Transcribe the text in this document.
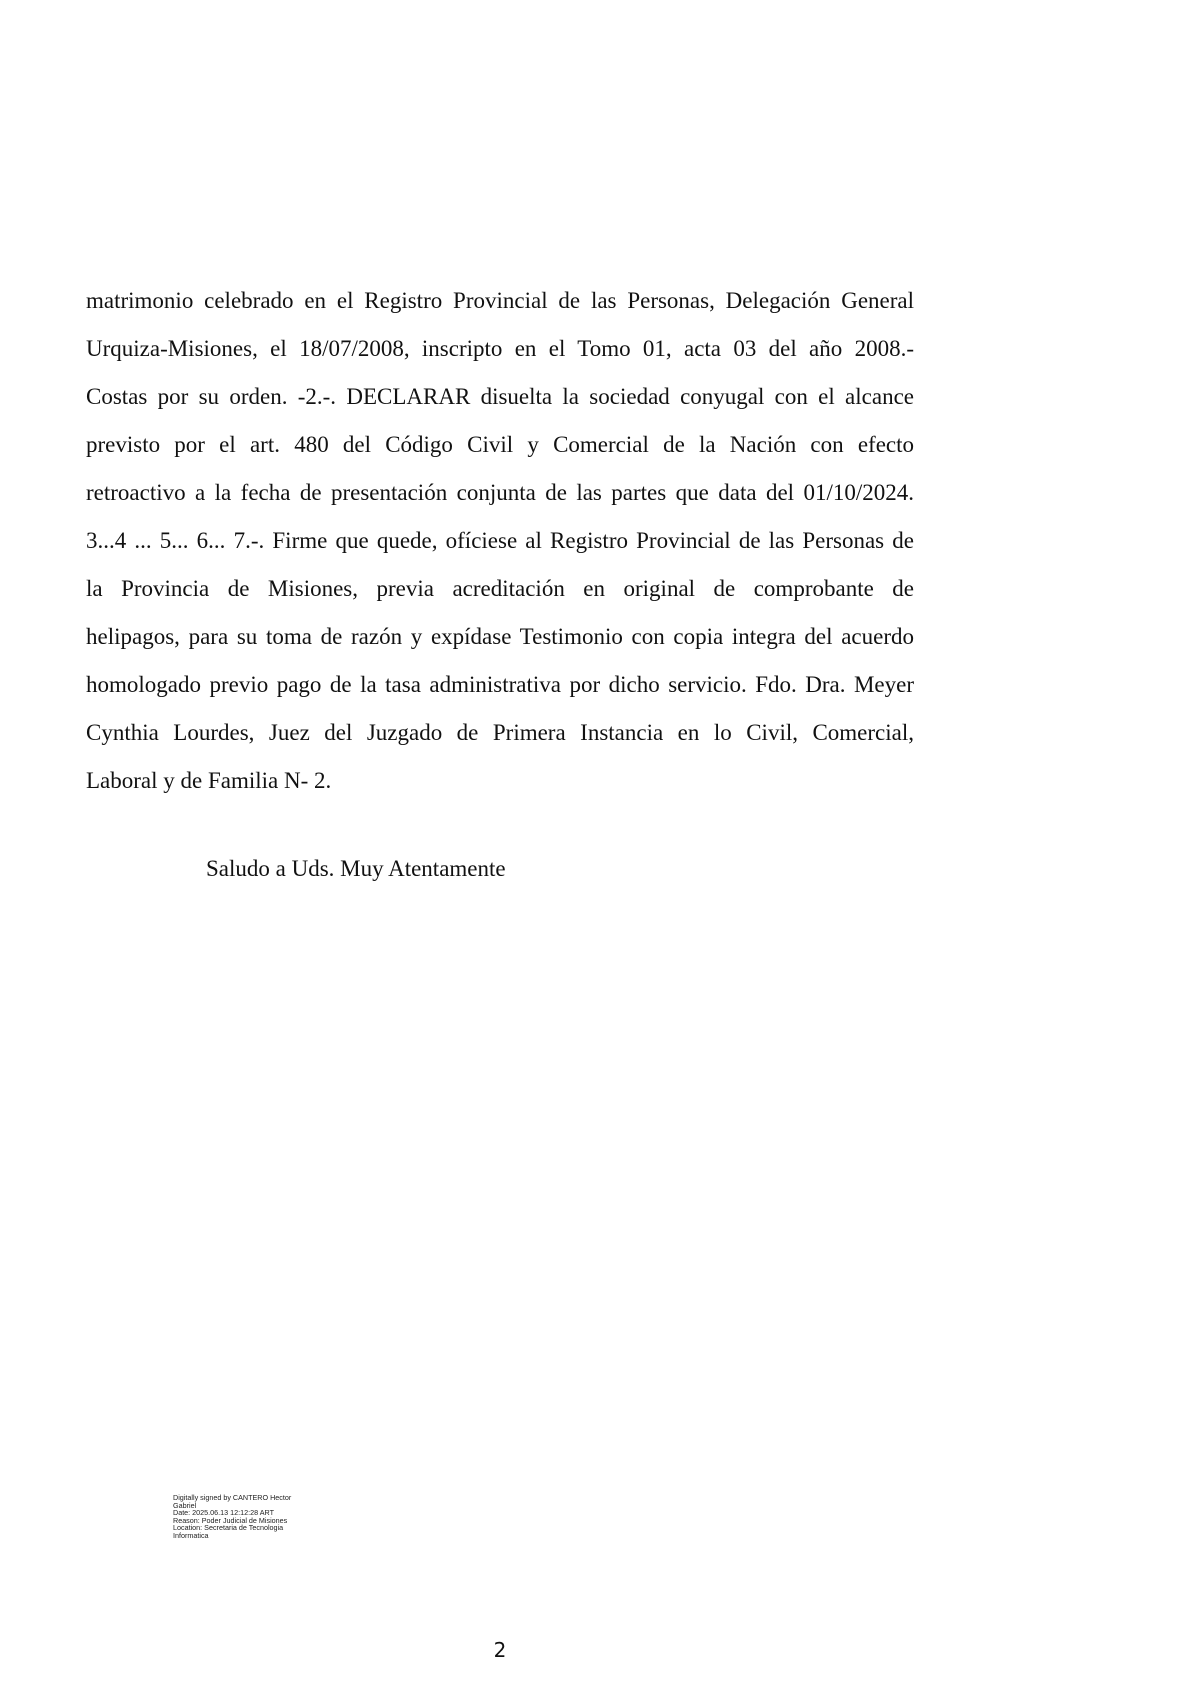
matrimonio celebrado en el Registro Provincial de las Personas, Delegación General
Urquiza-Misiones, el 18/07/2008, inscripto en el Tomo 01, acta 03 del año 2008.-
Costas por su orden. -2.-. DECLARAR disuelta la sociedad conyugal con el alcance
previsto por el art. 480 del Código Civil y Comercial de la Nación con efecto
retroactivo a la fecha de presentación conjunta de las partes que data del 01/10/2024.
3...4 ... 5... 6... 7.-. Firme que quede, ofíciese al Registro Provincial de las Personas de
la Provincia de Misiones, previa acreditación en original de comprobante de
helipagos, para su toma de razón y expídase Testimonio con copia integra del acuerdo
homologado previo pago de la tasa administrativa por dicho servicio. Fdo. Dra. Meyer
Cynthia Lourdes, Juez del Juzgado de Primera Instancia en lo Civil, Comercial,
Laboral y de Familia N- 2.
Saludo a Uds. Muy Atentamente
Digitally signed by CANTERO Hector
Gabriel
Date: 2025.06.13 12:12:28 ART
Reason: Poder Judicial de Misiones
Location: Secretaria de Tecnologia
Informatica
2
